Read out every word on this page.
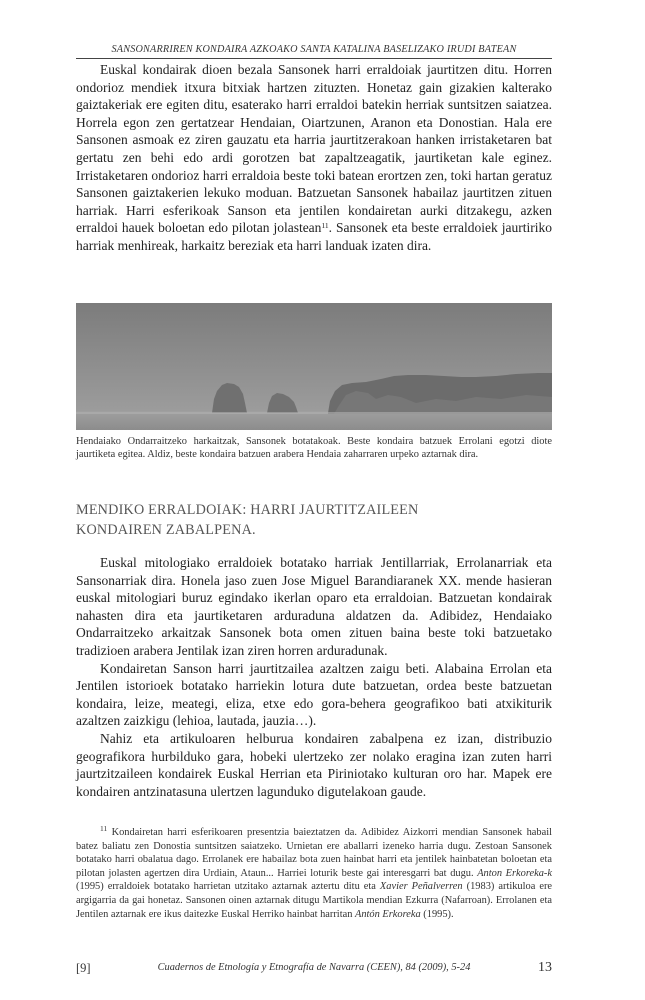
SANSONARRIREN KONDAIRA AZKOAKO SANTA KATALINA BASELIZAKO IRUDI BATEAN

Euskal kondairak dioen bezala Sansonek harri erraldoiak jaurtitzen ditu. Horren ondorioz mendiek itxura bitxiak hartzen zituzten. Honetaz gain gizakien kalterako gaiztakeriak ere egiten ditu, esaterako harri erraldoi batekin herriak suntsitzen saiatzea. Horrela egon zen gertatzear Hendaian, Oiartzunen, Aranon eta Donostian. Hala ere Sansonen asmoak ez ziren gauzatu eta harria jaurtitzerakoan hanken irristaketaren bat gertatu zen behi edo ardi gorotzen bat zapaltzeagatik, jaurtiketan kale eginez. Irristaketaren ondorioz harri erraldoia beste toki batean erortzen zen, toki hartan geratuz Sansonen gaiztakerien lekuko moduan. Batzuetan Sansonek habailaz jaurtitzen zituen harriak. Harri esferikoak Sanson eta jentilen kondairetan aurki ditzakegu, azken erraldoi hauek boloetan edo pilotan jolastean$^{11}$. Sansonek eta beste erraldoiek jaurtiriko harriak menhireak, harkaitz bereziak eta harri landuak izaten dira.

Hendaiako Ondarraitzeko harkaitzak, Sansonek botatakoak. Beste kondaira batzuek Errolani egotzi diote jaurtiketa egitea. Aldiz, beste kondaira batzuen arabera Hendaia zaharraren urpeko aztarnak dira.
MENDIKO ERRALDOIAK: HARRI JAURTITZAILEEN
KONDAIREN ZABALPENA.

Euskal mitologiako erraldoiek botatako harriak Jentillarriak, Errolanarriak eta Sansonarriak dira. Honela jaso zuen Jose Miguel Barandiaranek XX. mende hasieran euskal mitologiari buruz egindako ikerlan oparo eta erraldoian. Batzuetan kondairak nahasten dira eta jaurtiketaren arduraduna aldatzen da. Adibidez, Hendaiako Ondarraitzeko arkaitzak Sansonek bota omen zituen baina beste toki batzuetako tradizioen arabera Jentilak izan ziren horren arduradunak.

Kondairetan Sanson harri jaurtitzailea azaltzen zaigu beti. Alabaina Errolan eta Jentilen istorioek botatako harriekin lotura dute batzuetan, ordea beste batzuetan kondaira, leize, meategi, eliza, etxe edo gora-behera geografikoo bati atxikiturik azaltzen zaizkigu (lehioa, lautada, jauzia…).

Nahiz eta artikuloaren helburua kondairen zabalpena ez izan, distribuzio geografikora hurbilduko gara, hobeki ulertzeko zer nolako eragina izan zuten harri jaurtzitzaileen kondairek Euskal Herrian eta Piriniotako kulturan oro har. Mapek ere kondairen antzinatasuna ulertzen lagunduko digutelakoan gaude.

$^{11}$ Kondairetan harri esferikoaren presentzia baieztatzen da. Adibidez Aizkorri mendian Sansonek habail batez baliatu zen Donostia suntsitzen saiatzeko. Urnietan ere aballarri izeneko harria dugu. Zestoan Sansonek botatako harri obalatua dago. Errolanek ere habailaz bota zuen hainbat harri eta jentilek hainbatetan boloetan eta pilotan jolasten agertzen dira Urdiain, Ataun... Harriei loturik beste gai interesgarri bat dugu. Anton Erkoreka-k (1995) erraldoiek botatako harrietan utzitako aztarnak aztertu ditu eta Xavier Peñalverren (1983) artikuloa ere argigarria da gai honetaz. Sansonen oinen aztarnak ditugu Martikola mendian Ezkurra (Nafarroan). Errolanen eta Jentilen aztarnak ere ikus daitezke Euskal Herriko hainbat harritan Antón Erkoreka (1995).

[9]	Cuadernos de Etnología y Etnografía de Navarra (CEEN), 84 (2009), 5-24	13
